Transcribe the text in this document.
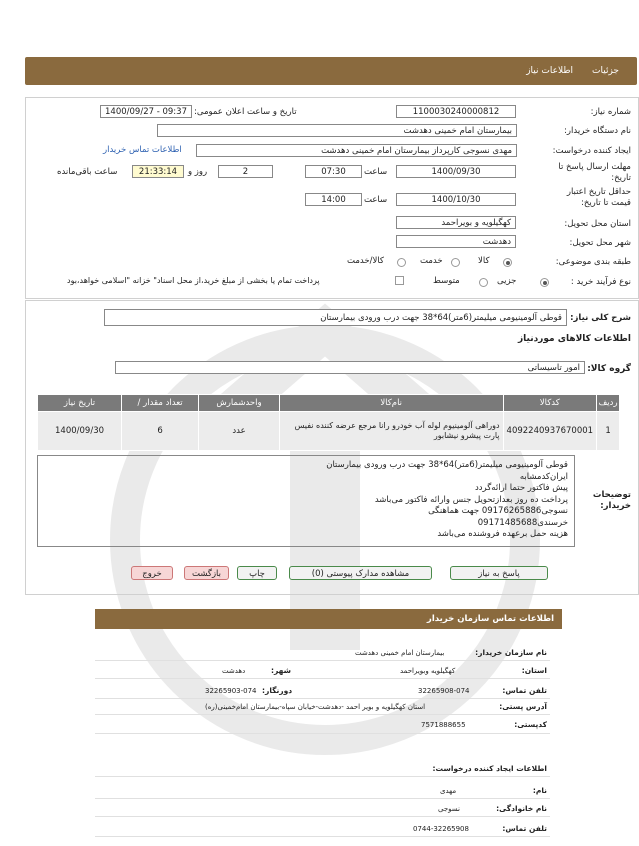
جزئیات
اطلاعات نیاز
شماره نیاز:
1100030240000812
تاریخ و ساعت اعلان عمومی:
1400/09/27 - 09:37
نام دستگاه خریدار:
بیمارستان امام خمینی دهدشت
ایجاد کننده درخواست:
مهدی نسوجی کارپرداز بیمارستان امام خمینی دهدشت
اطلاعات تماس خریدار
مهلت ارسال پاسخ تا تاریخ:
1400/09/30
ساعت
07:30
2
روز و
21:33:14
ساعت باقی‌مانده
حداقل تاریخ اعتبار قیمت تا تاریخ:
1400/10/30
ساعت
14:00
استان محل تحویل:
کهگیلویه و بویراحمد
شهر محل تحویل:
دهدشت
طبقه بندی موضوعی:
کالا
خدمت
کالا/خدمت
نوع فرآیند خرید :
جزیی
متوسط
پرداخت تمام یا بخشی از مبلغ خرید،از محل اسناد" خزانه "اسلامی خواهد،بود
شرح کلی نیاز:
قوطی آلومینیومی میلیمتر(6متر)64*38 جهت درب ورودی بیمارستان
اطلاعات کالاهای موردنیاز
گروه کالا:
امور تاسیساتی
ردیف	کدکالا	نام‌کالا	واحدشمارش	تعداد مقدار /	تاریخ نیاز
1	4092240937670001	دوراهی آلومینیوم لوله آب خودرو رانا مرجع عرضه کننده نفیس پارت پیشرو نیشابور	عدد	6	1400/09/30
توضیحات خریدار:
قوطی آلومینیومی میلیمتر(6متر)64*38 جهت درب ورودی بیمارستان
ایران‌کدمشابه
پیش فاکتور حتما ارائه‌گردد
پرداخت ده روز بعدازتحویل جنس وارائه فاکتور می‌باشد
نسوجی09176265886 جهت هماهنگی
خرسندی09171485688
هزینه حمل برعهده فروشنده می‌باشد
پاسخ به نیاز
مشاهده مدارک پیوستی (0)
چاپ
بازگشت
خروج
اطلاعات تماس سازمان خریدار
نام سازمان خریدار:
بیمارستان امام خمینی دهدشت
استان:
کهگیلویه وبویراحمد
شهر:
دهدشت
تلفن تماس:
32265908-074
دورنگار:
32265903-074
آدرس پستی:
استان کهگیلویه و بویر احمد -دهدشت-خیابان سپاه-بیمارستان امام‌خمینی(ره)
کدپستی:
7571888655
اطلاعات ایجاد کننده درخواست:
نام:
مهدی
نام خانوادگی:
نسوجی
تلفن تماس:
0744-32265908
